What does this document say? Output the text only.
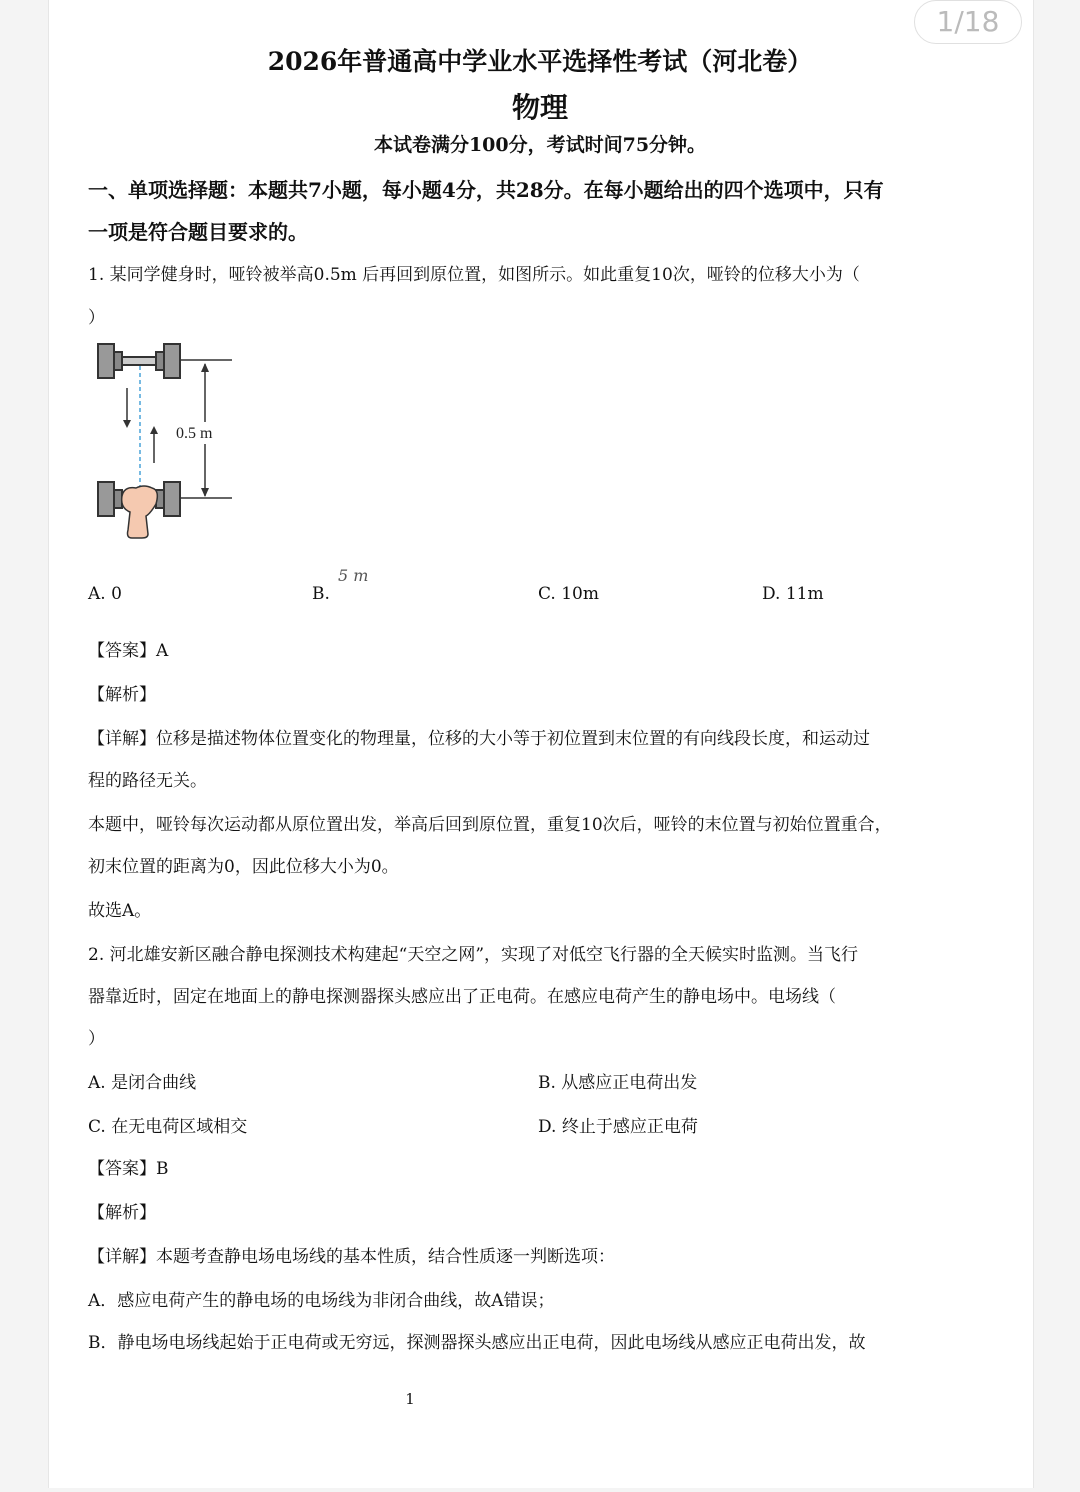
1/18
2026年普通高中学业水平选择性考试（河北卷）
物理
本试卷满分100分，考试时间75分钟。
一、单项选择题：本题共7小题，每小题4分，共28分。在每小题给出的四个选项中，只有
一项是符合题目要求的。
1. 某同学健身时，哑铃被举高0.5m 后再回到原位置，如图所示。如此重复10次，哑铃的位移大小为（
）
0.5 m
A. 0	B.
5 m
C. 10m	D. 11m
【答案】A
【解析】
【详解】位移是描述物体位置变化的物理量，位移的大小等于初位置到末位置的有向线段长度，和运动过
程的路径无关。
本题中，哑铃每次运动都从原位置出发，举高后回到原位置，重复10次后，哑铃的末位置与初始位置重合，
初末位置的距离为0，因此位移大小为0。
故选A。
2. 河北雄安新区融合静电探测技术构建起“天空之网”，实现了对低空飞行器的全天候实时监测。当飞行
器靠近时，固定在地面上的静电探测器探头感应出了正电荷。在感应电荷产生的静电场中。电场线（
）
A. 是闭合曲线	B. 从感应正电荷出发
C. 在无电荷区域相交	D. 终止于感应正电荷
【答案】B
【解析】
【详解】本题考查静电场电场线的基本性质，结合性质逐一判断选项：
A．感应电荷产生的静电场的电场线为非闭合曲线，故A错误；
B．静电场电场线起始于正电荷或无穷远，探测器探头感应出正电荷，因此电场线从感应正电荷出发，故
1
